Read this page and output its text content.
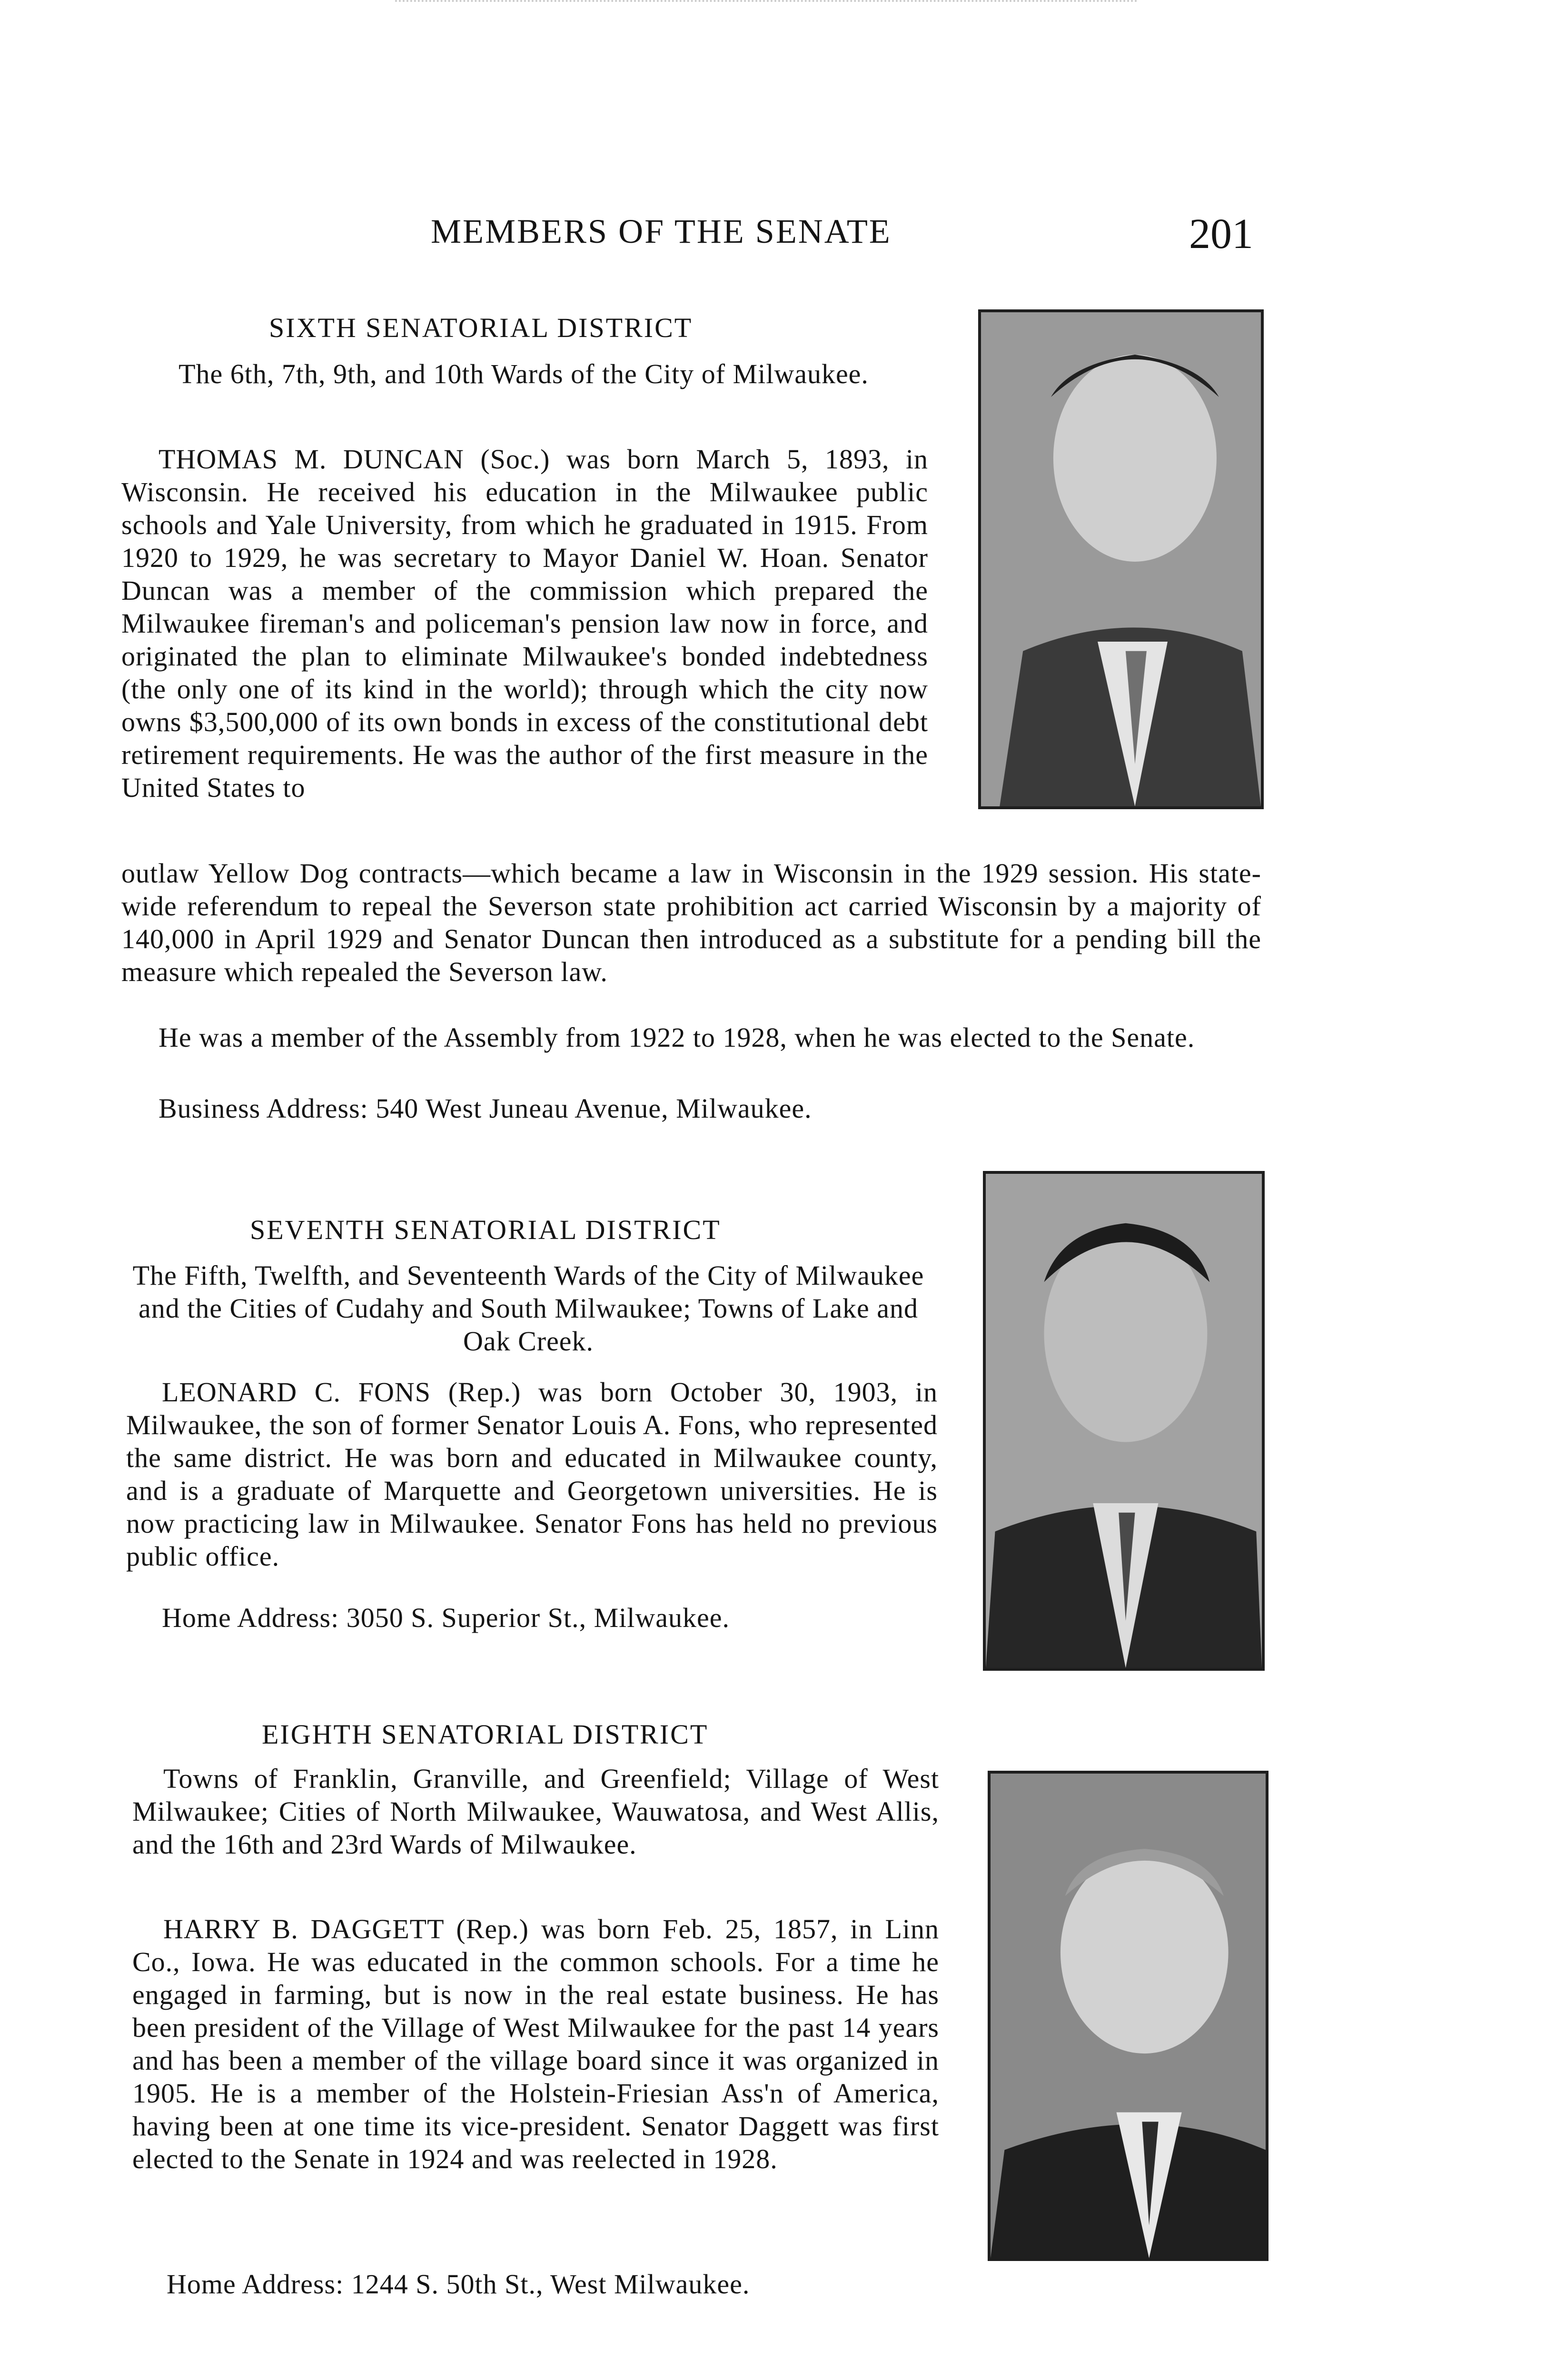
MEMBERS OF THE SENATE	201
SIXTH SENATORIAL DISTRICT
The 6th, 7th, 9th, and 10th Wards of the City of Milwaukee.
THOMAS M. DUNCAN (Soc.) was born March 5, 1893, in Wisconsin. He received his education in the Milwaukee public schools and Yale University, from which he graduated in 1915. From 1920 to 1929, he was secretary to Mayor Daniel W. Hoan. Senator Duncan was a member of the commission which prepared the Milwaukee fireman's and policeman's pension law now in force, and originated the plan to eliminate Milwaukee's bonded indebtedness (the only one of its kind in the world); through which the city now owns $3,500,000 of its own bonds in excess of the constitutional debt retirement requirements. He was the author of the first measure in the United States to
outlaw Yellow Dog contracts—which became a law in Wisconsin in the 1929 session. His state-wide referendum to repeal the Severson state prohibition act carried Wisconsin by a majority of 140,000 in April 1929 and Senator Duncan then introduced as a substitute for a pending bill the measure which repealed the Severson law.
He was a member of the Assembly from 1922 to 1928, when he was elected to the Senate.
Business Address: 540 West Juneau Avenue, Milwaukee.
SEVENTH SENATORIAL DISTRICT
The Fifth, Twelfth, and Seventeenth Wards of the City of Milwaukee and the Cities of Cudahy and South Milwaukee; Towns of Lake and Oak Creek.
LEONARD C. FONS (Rep.) was born October 30, 1903, in Milwaukee, the son of former Senator Louis A. Fons, who represented the same district. He was born and educated in Milwaukee county, and is a graduate of Marquette and Georgetown universities. He is now practicing law in Milwaukee. Senator Fons has held no previous public office.
Home Address: 3050 S. Superior St., Milwaukee.
EIGHTH SENATORIAL DISTRICT
Towns of Franklin, Granville, and Greenfield; Village of West Milwaukee; Cities of North Milwaukee, Wauwatosa, and West Allis, and the 16th and 23rd Wards of Milwaukee.
HARRY B. DAGGETT (Rep.) was born Feb. 25, 1857, in Linn Co., Iowa. He was educated in the common schools. For a time he engaged in farming, but is now in the real estate business. He has been president of the Village of West Milwaukee for the past 14 years and has been a member of the village board since it was organized in 1905. He is a member of the Holstein-Friesian Ass'n of America, having been at one time its vice-president. Senator Daggett was first elected to the Senate in 1924 and was reelected in 1928.
Home Address: 1244 S. 50th St., West Milwaukee.
